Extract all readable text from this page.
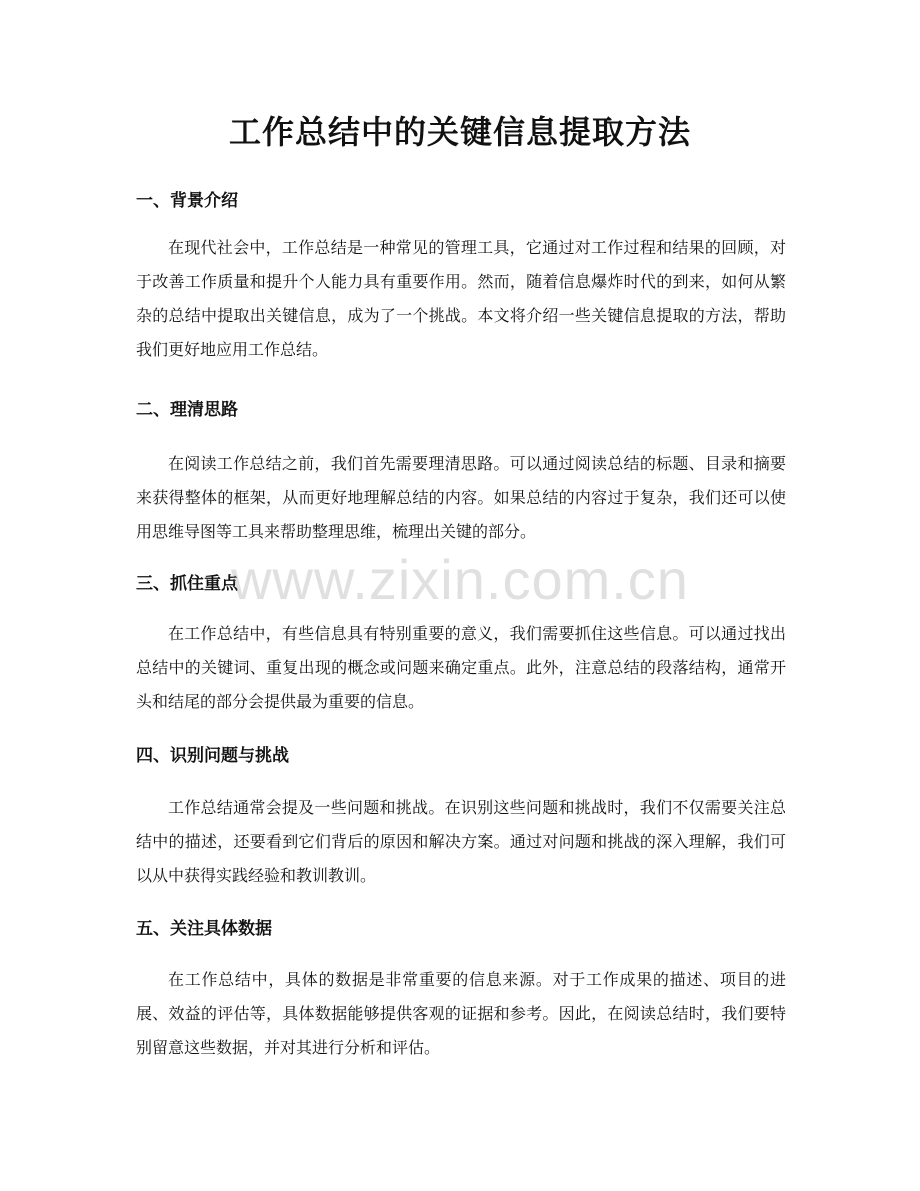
工作总结中的关键信息提取方法
一、背景介绍

在现代社会中，工作总结是一种常见的管理工具，它通过对工作过程和结果的回顾，对于改善工作质量和提升个人能力具有重要作用。然而，随着信息爆炸时代的到来，如何从繁杂的总结中提取出关键信息，成为了一个挑战。本文将介绍一些关键信息提取的方法，帮助我们更好地应用工作总结。

二、理清思路

在阅读工作总结之前，我们首先需要理清思路。可以通过阅读总结的标题、目录和摘要来获得整体的框架，从而更好地理解总结的内容。如果总结的内容过于复杂，我们还可以使用思维导图等工具来帮助整理思维，梳理出关键的部分。

三、抓住重点

在工作总结中，有些信息具有特别重要的意义，我们需要抓住这些信息。可以通过找出总结中的关键词、重复出现的概念或问题来确定重点。此外，注意总结的段落结构，通常开头和结尾的部分会提供最为重要的信息。

四、识别问题与挑战

工作总结通常会提及一些问题和挑战。在识别这些问题和挑战时，我们不仅需要关注总结中的描述，还要看到它们背后的原因和解决方案。通过对问题和挑战的深入理解，我们可以从中获得实践经验和教训教训。

五、关注具体数据

在工作总结中，具体的数据是非常重要的信息来源。对于工作成果的描述、项目的进展、效益的评估等，具体数据能够提供客观的证据和参考。因此，在阅读总结时，我们要特别留意这些数据，并对其进行分析和评估。

www.zixin.com.cn
